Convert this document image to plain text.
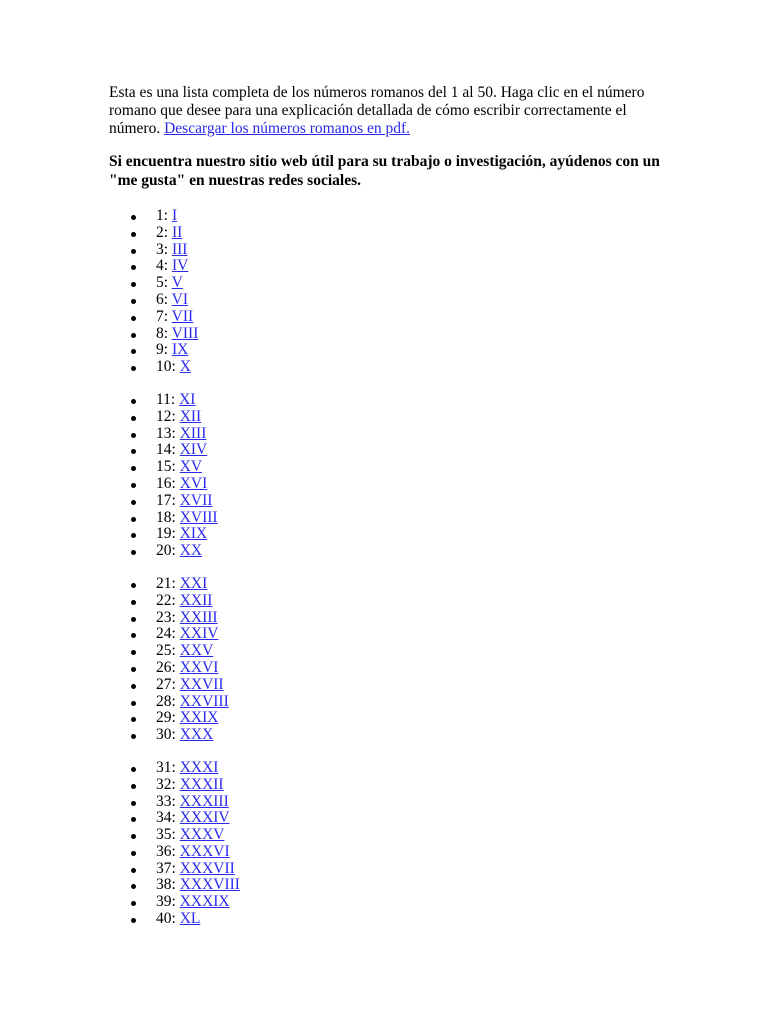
Esta es una lista completa de los números romanos del 1 al 50. Haga clic en el número romano que desee para una explicación detallada de cómo escribir correctamente el número. Descargar los números romanos en pdf.

Si encuentra nuestro sitio web útil para su trabajo o investigación, ayúdenos con un "me gusta" en nuestras redes sociales.

1: I
2: II
3: III
4: IV
5: V
6: VI
7: VII
8: VIII
9: IX
10: X
11: XI
12: XII
13: XIII
14: XIV
15: XV
16: XVI
17: XVII
18: XVIII
19: XIX
20: XX
21: XXI
22: XXII
23: XXIII
24: XXIV
25: XXV
26: XXVI
27: XXVII
28: XXVIII
29: XXIX
30: XXX
31: XXXI
32: XXXII
33: XXXIII
34: XXXIV
35: XXXV
36: XXXVI
37: XXXVII
38: XXXVIII
39: XXXIX
40: XL
